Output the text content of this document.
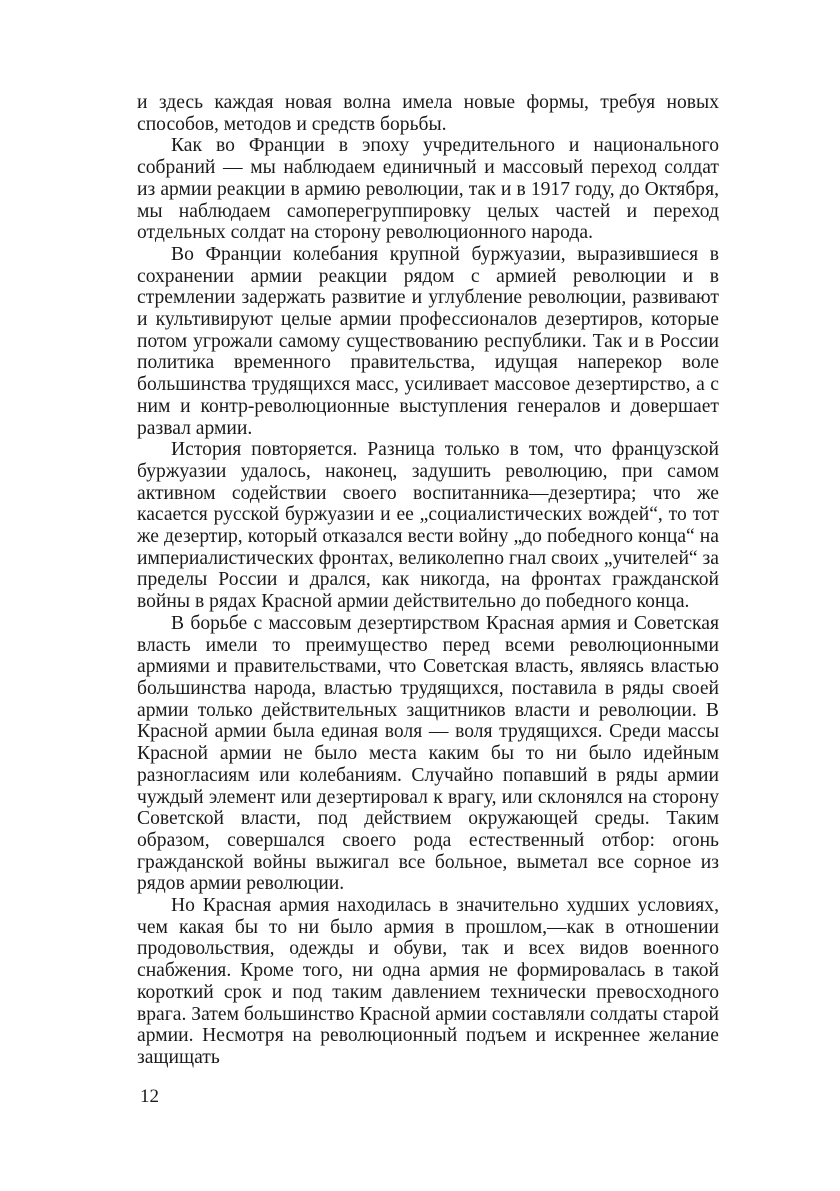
и здесь каждая новая волна имела новые формы, требуя новых способов, методов и средств борьбы.

Как во Франции в эпоху учредительного и национального собраний — мы наблюдаем единичный и массовый переход солдат из армии реакции в армию революции, так и в 1917 году, до Октября, мы наблюдаем самоперегруппировку целых частей и переход отдельных солдат на сторону революционного народа.

Во Франции колебания крупной буржуазии, выразившиеся в сохранении армии реакции рядом с армией революции и в стремлении задержать развитие и углубление революции, развивают и культивируют целые армии профессионалов дезертиров, которые потом угрожали самому существованию республики. Так и в России политика временного правительства, идущая наперекор воле большинства трудящихся масс, усиливает массовое дезертирство, а с ним и контр-революционные выступления генералов и довершает развал армии.

История повторяется. Разница только в том, что французской буржуазии удалось, наконец, задушить революцию, при самом активном содействии своего воспитанника—дезертира; что же касается русской буржуазии и ее „социалистических вождей“, то тот же дезертир, который отказался вести войну „до победного конца“ на империалистических фронтах, великолепно гнал своих „учителей“ за пределы России и дрался, как никогда, на фронтах гражданской войны в рядах Красной армии действительно до победного конца.

В борьбе с массовым дезертирством Красная армия и Советская власть имели то преимущество перед всеми революционными армиями и правительствами, что Советская власть, являясь властью большинства народа, властью трудящихся, поставила в ряды своей армии только действительных защитников власти и революции. В Красной армии была единая воля — воля трудящихся. Среди массы Красной армии не было места каким бы то ни было идейным разногласиям или колебаниям. Случайно попавший в ряды армии чуждый элемент или дезертировал к врагу, или склонялся на сторону Советской власти, под действием окружающей среды. Таким образом, совершался своего рода естественный отбор: огонь гражданской войны выжигал все больное, выметал все сорное из рядов армии революции.

Но Красная армия находилась в значительно худших условиях, чем какая бы то ни было армия в прошлом,—как в отношении продовольствия, одежды и обуви, так и всех видов военного снабжения. Кроме того, ни одна армия не формировалась в такой короткий срок и под таким давлением технически превосходного врага. Затем большинство Красной армии составляли солдаты старой армии. Несмотря на революционный подъем и искреннее желание защищать

12
